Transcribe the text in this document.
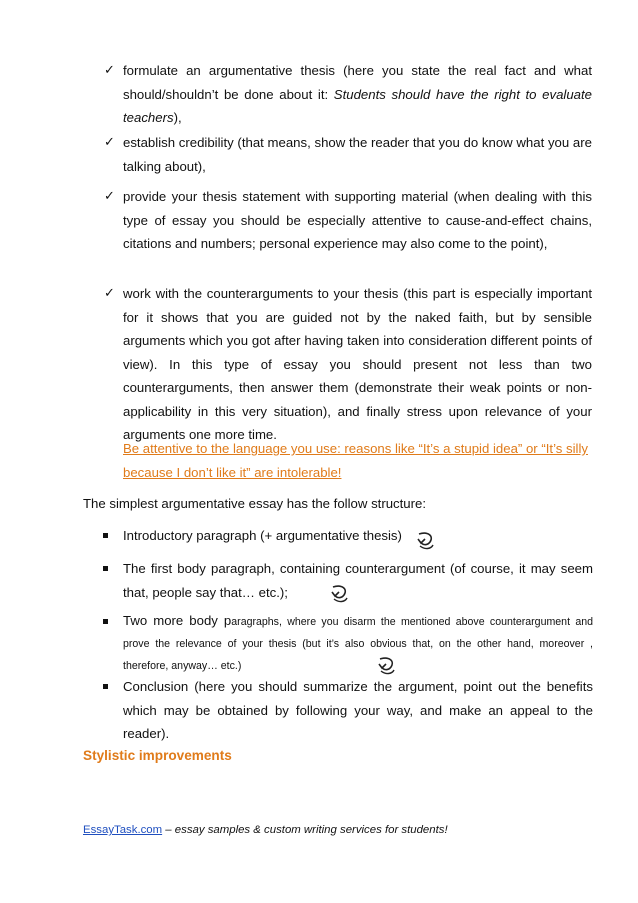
✓ formulate an argumentative thesis (here you state the real fact and what should/shouldn’t be done about it: Students should have the right to evaluate teachers),
✓ establish credibility (that means, show the reader that you do know what you are talking about),
✓ provide your thesis statement with supporting material (when dealing with this type of essay you should be especially attentive to cause-and-effect chains, citations and numbers; personal experience may also come to the point),
✓ work with the counterarguments to your thesis (this part is especially important for it shows that you are guided not by the naked faith, but by sensible arguments which you got after having taken into consideration different points of view). In this type of essay you should present not less than two counterarguments, then answer them (demonstrate their weak points or non-applicability in this very situation), and finally stress upon relevance of your arguments one more time.
Be attentive to the language you use: reasons like “It’s a stupid idea” or “It’s silly because I don’t like it” are intolerable!
The simplest argumentative essay has the follow structure:
Introductory paragraph (+ argumentative thesis)
The first body paragraph, containing counterargument (of course, it may seem that, people say that… etc.);
Two more body paragraphs, where you disarm the mentioned above counterargument and prove the relevance of your thesis (but it’s also obvious that, on the other hand, moreover , therefore, anyway… etc.)
Conclusion (here you should summarize the argument, point out the benefits which may be obtained by following your way, and make an appeal to the reader).
Stylistic improvements
EssayTask.com – essay samples & custom writing services for students!
